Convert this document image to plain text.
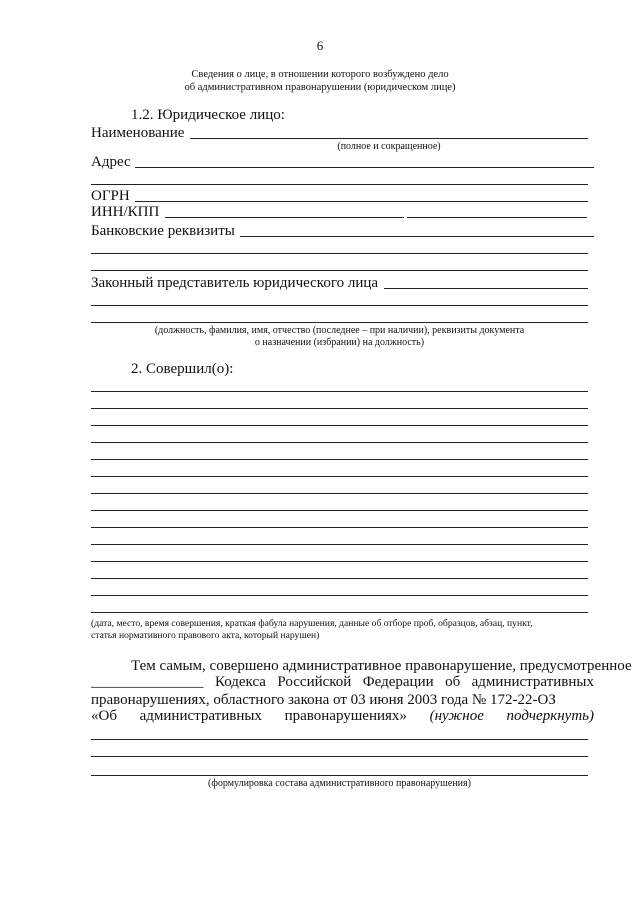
6
Сведения о лице, в отношении которого возбуждено дело
об административном правонарушении (юридическом лице)
1.2. Юридическое лицо:
Наименование
(полное и сокращенное)
Адрес
ОГРН
ИНН/КПП
Банковские реквизиты
Законный представитель юридического лица
(должность, фамилия, имя, отчество (последнее – при наличии), реквизиты документа
о назначении (избрании) на должность)
2. Совершил(о):
(дата, место, время совершения, краткая фабула нарушения, данные об отборе проб, образцов, абзац, пункт,
статья нормативного правового акта, который нарушен)
Тем самым, совершено административное правонарушение, предусмотренное
_______________ Кодекса Российской Федерации об административных
правонарушениях, областного закона от 03 июня 2003 года № 172-22-ОЗ
«Об административных правонарушениях» (нужное подчеркнуть)
(формулировка состава административного правонарушения)
